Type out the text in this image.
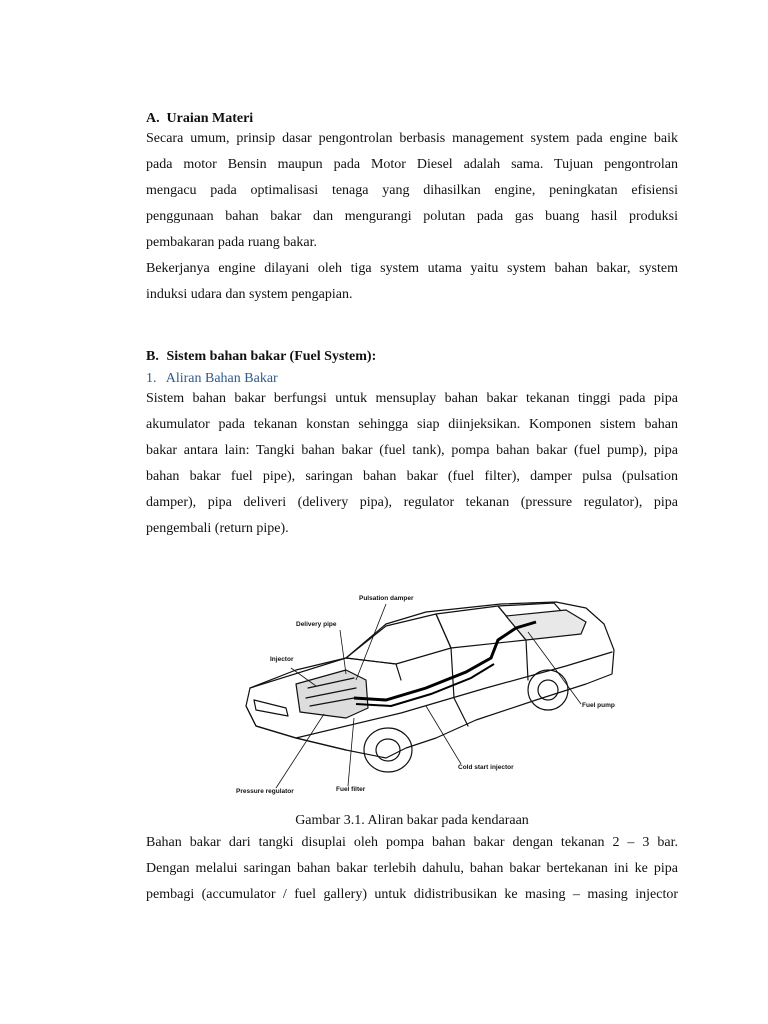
A. Uraian Materi

Secara umum, prinsip dasar pengontrolan berbasis management system pada engine baik
pada motor Bensin maupun pada Motor Diesel adalah sama. Tujuan pengontrolan
mengacu pada optimalisasi tenaga yang dihasilkan engine, peningkatan efisiensi
penggunaan bahan bakar dan mengurangi polutan pada gas buang hasil produksi
pembakaran pada ruang bakar.

Bekerjanya engine dilayani oleh tiga system utama yaitu system bahan bakar, system
induksi udara dan system pengapian.

B. Sistem bahan bakar (Fuel System):

1. Aliran Bahan Bakar

Sistem bahan bakar berfungsi untuk mensuplay bahan bakar tekanan tinggi pada pipa
akumulator pada tekanan konstan sehingga siap diinjeksikan. Komponen sistem bahan
bakar antara lain: Tangki bahan bakar (fuel tank), pompa bahan bakar (fuel pump), pipa
bahan bakar fuel pipe), saringan bahan bakar (fuel filter), damper pulsa (pulsation
damper), pipa deliveri (delivery pipa), regulator tekanan (pressure regulator), pipa
pengembali (return pipe).

Pulsation damper
Delivery pipe
Injector
Fuel pump
Cold start injector
Pressure regulator	Fuel filter

Gambar 3.1. Aliran bakar pada kendaraan

Bahan bakar dari tangki disuplai oleh pompa bahan bakar dengan tekanan 2 – 3 bar.
Dengan melalui saringan bahan bakar terlebih dahulu, bahan bakar bertekanan ini ke pipa
pembagi (accumulator / fuel gallery) untuk didistribusikan ke masing – masing injector
